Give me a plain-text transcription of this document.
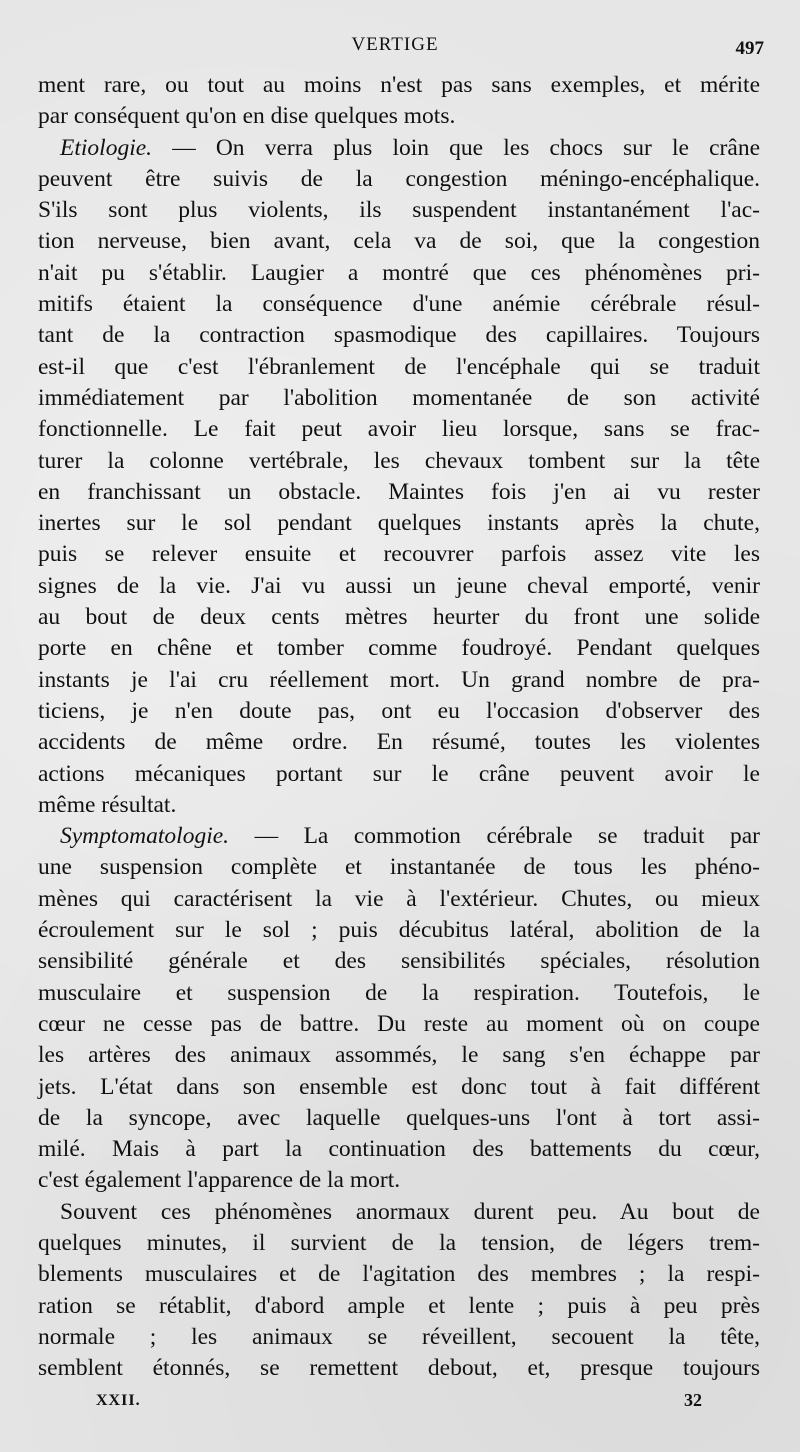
VERTIGE	497
ment rare, ou tout au moins n'est pas sans exemples, et mérite
par conséquent qu'on en dise quelques mots.
Etiologie. — On verra plus loin que les chocs sur le crâne
peuvent être suivis de la congestion méningo-encéphalique.
S'ils sont plus violents, ils suspendent instantanément l'ac-
tion nerveuse, bien avant, cela va de soi, que la congestion
n'ait pu s'établir. Laugier a montré que ces phénomènes pri-
mitifs étaient la conséquence d'une anémie cérébrale résul-
tant de la contraction spasmodique des capillaires. Toujours
est-il que c'est l'ébranlement de l'encéphale qui se traduit
immédiatement par l'abolition momentanée de son activité
fonctionnelle. Le fait peut avoir lieu lorsque, sans se frac-
turer la colonne vertébrale, les chevaux tombent sur la tête
en franchissant un obstacle. Maintes fois j'en ai vu rester
inertes sur le sol pendant quelques instants après la chute,
puis se relever ensuite et recouvrer parfois assez vite les
signes de la vie. J'ai vu aussi un jeune cheval emporté, venir
au bout de deux cents mètres heurter du front une solide
porte en chêne et tomber comme foudroyé. Pendant quelques
instants je l'ai cru réellement mort. Un grand nombre de pra-
ticiens, je n'en doute pas, ont eu l'occasion d'observer des
accidents de même ordre. En résumé, toutes les violentes
actions mécaniques portant sur le crâne peuvent avoir le
même résultat.
Symptomatologie. — La commotion cérébrale se traduit par
une suspension complète et instantanée de tous les phéno-
mènes qui caractérisent la vie à l'extérieur. Chutes, ou mieux
écroulement sur le sol ; puis décubitus latéral, abolition de la
sensibilité générale et des sensibilités spéciales, résolution
musculaire et suspension de la respiration. Toutefois, le
cœur ne cesse pas de battre. Du reste au moment où on coupe
les artères des animaux assommés, le sang s'en échappe par
jets. L'état dans son ensemble est donc tout à fait différent
de la syncope, avec laquelle quelques-uns l'ont à tort assi-
milé. Mais à part la continuation des battements du cœur,
c'est également l'apparence de la mort.
Souvent ces phénomènes anormaux durent peu. Au bout de
quelques minutes, il survient de la tension, de légers trem-
blements musculaires et de l'agitation des membres ; la respi-
ration se rétablit, d'abord ample et lente ; puis à peu près
normale ; les animaux se réveillent, secouent la tête,
semblent étonnés, se remettent debout, et, presque toujours
XXII.	32
